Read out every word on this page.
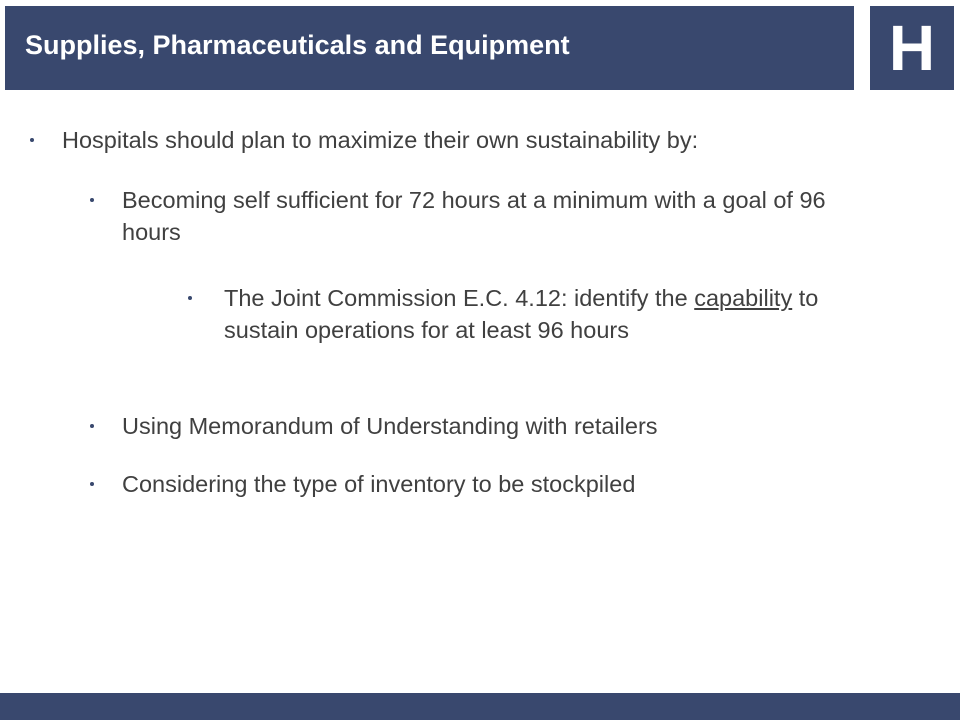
Supplies, Pharmaceuticals and Equipment	H
Hospitals should plan to maximize their own sustainability by:
Becoming self sufficient for 72 hours at a minimum with a goal of 96 hours
The Joint Commission E.C. 4.12: identify the capability to sustain operations for at least 96 hours
Using Memorandum of Understanding with retailers
Considering the type of inventory to be stockpiled
